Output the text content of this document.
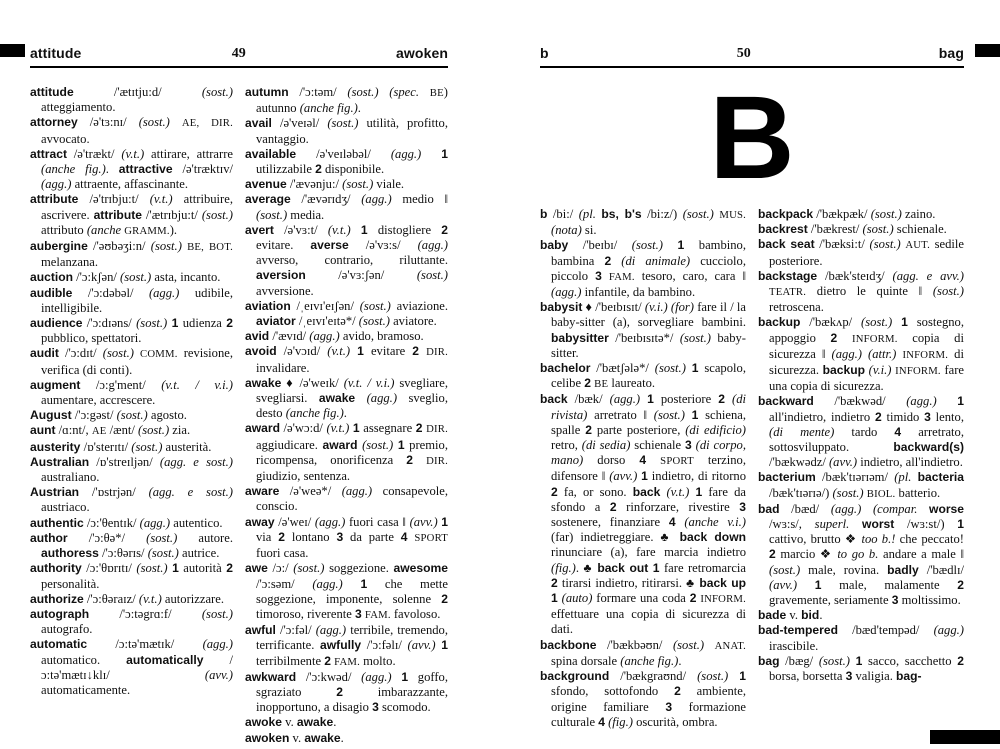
attitude	49	awoken

attitude /'ætɪtju:d/ (sost.) atteggiamento.

attorney /ə'tɜ:nɪ/ (sost.) AE, DIR. avvocato.

attract /ə'trækt/ (v.t.) attirare, attrarre (anche fig.). attractive /ə'træktɪv/ (agg.) attraente, affascinante.

attribute /ə'trɪbju:t/ (v.t.) attribuire, ascrivere. attribute /'ætrɪbju:t/ (sost.) attributo (anche GRAMM.).

aubergine /'əʊbəʒi:n/ (sost.) BE, BOT. melanzana.

auction /'ɔ:kʃən/ (sost.) asta, incanto.

audible /'ɔ:dəbəl/ (agg.) udibile, intelligibile.

audience /'ɔ:dɪəns/ (sost.) 1 udienza 2 pubblico, spettatori.

audit /'ɔ:dɪt/ (sost.) COMM. revisione, verifica (di conti).

augment /ɔ:g'ment/ (v.t. / v.i.) aumentare, accrescere.

August /'ɔ:gəst/ (sost.) agosto.

aunt /ɑ:nt/, AE /ænt/ (sost.) zia.

austerity /ɒ'sterɪtɪ/ (sost.) austerità.

Australian /ɒ'streɪljən/ (agg. e sost.) australiano.

Austrian /'ɒstrjən/ (agg. e sost.) austriaco.

authentic /ɔ:'θentɪk/ (agg.) autentico.

author /'ɔ:θə*/ (sost.) autore. authoress /'ɔ:θərɪs/ (sost.) autrice.

authority /ɔ:'θɒrɪtɪ/ (sost.) 1 autorità 2 personalità.

authorize /'ɔ:θəraɪz/ (v.t.) autorizzare.

autograph /'ɔ:təgrɑ:f/ (sost.) autografo.

automatic /ɔ:tə'mætɪk/ (agg.) automatico. automatically /ɔ:tə'mætɪ↓klɪ/ (avv.) automaticamente.

autumn /'ɔ:təm/ (sost.) (spec. BE) autunno (anche fig.).

avail /ə'veɪəl/ (sost.) utilità, profitto, vantaggio.

available /ə'veɪləbəl/ (agg.) 1 utilizzabile 2 disponibile.

avenue /'ævənju:/ (sost.) viale.

average /'ævərɪdʒ/ (agg.) medio ‖ (sost.) media.

avert /ə'vɜ:t/ (v.t.) 1 distogliere 2 evitare. averse /ə'vɜ:s/ (agg.) avverso, contrario, riluttante. aversion /ə'vɜ:ʃən/ (sost.) avversione.

aviation /ˌeɪvɪ'eɪʃən/ (sost.) aviazione. aviator /ˌeɪvɪ'eɪtə*/ (sost.) aviatore.

avid /'ævɪd/ (agg.) avido, bramoso.

avoid /ə'vɔɪd/ (v.t.) 1 evitare 2 DIR. invalidare.

awake ♦ /ə'weɪk/ (v.t. / v.i.) svegliare, svegliarsi. awake (agg.) sveglio, desto (anche fig.).

award /ə'wɔ:d/ (v.t.) 1 assegnare 2 DIR. aggiudicare. award (sost.) 1 premio, ricompensa, onorificenza 2 DIR. giudizio, sentenza.

aware /ə'weə*/ (agg.) consapevole, conscio.

away /ə'weɪ/ (agg.) fuori casa ‖ (avv.) 1 via 2 lontano 3 da parte 4 SPORT fuori casa.

awe /ɔ:/ (sost.) soggezione. awesome /'ɔ:səm/ (agg.) 1 che mette soggezione, imponente, solenne 2 timoroso, riverente 3 FAM. favoloso.

awful /'ɔ:fəl/ (agg.) terribile, tremendo, terrificante. awfully /'ɔ:fəlɪ/ (avv.) 1 terribilmente 2 FAM. molto.

awkward /'ɔ:kwəd/ (agg.) 1 goffo, sgraziato 2 imbarazzante, inopportuno, a disagio 3 scomodo.

awoke v. awake.

awoken v. awake.

b	50	bag
B

b /bi:/ (pl. bs, b's /bi:z/) (sost.) MUS. (nota) si.

baby /'beɪbɪ/ (sost.) 1 bambino, bambina 2 (di animale) cucciolo, piccolo 3 FAM. tesoro, caro, cara ‖ (agg.) infantile, da bambino.

babysit ♦ /'beɪbɪsɪt/ (v.i.) (for) fare il / la baby-sitter (a), sorvegliare bambini. babysitter /'beɪbɪsɪtə*/ (sost.) baby-sitter.

bachelor /'bætʃələ*/ (sost.) 1 scapolo, celibe 2 BE laureato.

back /bæk/ (agg.) 1 posteriore 2 (di rivista) arretrato ‖ (sost.) 1 schiena, spalle 2 parte posteriore, (di edificio) retro, (di sedia) schienale 3 (di corpo, mano) dorso 4 SPORT terzino, difensore ‖ (avv.) 1 indietro, di ritorno 2 fa, or sono. back (v.t.) 1 fare da sfondo a 2 rinforzare, rivestire 3 sostenere, finanziare 4 (anche v.i.) (far) indietreggiare. ♣ back down rinunciare (a), fare marcia indietro (fig.). ♣ back out 1 fare retromarcia 2 tirarsi indietro, ritirarsi. ♣ back up 1 (auto) formare una coda 2 INFORM. effettuare una copia di sicurezza di dati.

backbone /'bækbəʊn/ (sost.) ANAT. spina dorsale (anche fig.).

background /'bækgraʊnd/ (sost.) 1 sfondo, sottofondo 2 ambiente, origine familiare 3 formazione culturale 4 (fig.) oscurità, ombra.

backpack /'bækpæk/ (sost.) zaino.

backrest /'bækrest/ (sost.) schienale.

back seat /'bæksi:t/ (sost.) AUT. sedile posteriore.

backstage /bæk'steɪdʒ/ (agg. e avv.) TEATR. dietro le quinte ‖ (sost.) retroscena.

backup /'bækʌp/ (sost.) 1 sostegno, appoggio 2 INFORM. copia di sicurezza ‖ (agg.) (attr.) INFORM. di sicurezza. backup (v.i.) INFORM. fare una copia di sicurezza.

backward /'bækwəd/ (agg.) 1 all'indietro, indietro 2 timido 3 lento, (di mente) tardo 4 arretrato, sottosviluppato. backward(s) /'bækwədz/ (avv.) indietro, all'indietro.

bacterium /bæk'tɪərɪəm/ (pl. bacteria /bæk'tɪərɪə/) (sost.) BIOL. batterio.

bad /bæd/ (agg.) (compar. worse /wɜ:s/, superl. worst /wɜ:st/) 1 cattivo, brutto ❖ too b.! che peccato! 2 marcio ❖ to go b. andare a male ‖ (sost.) male, rovina. badly /'bædlɪ/ (avv.) 1 male, malamente 2 gravemente, seriamente 3 moltissimo.

bade v. bid.

bad-tempered /bæd'tempəd/ (agg.) irascibile.

bag /bæg/ (sost.) 1 sacco, sacchetto 2 borsa, borsetta 3 valigia. bag-
